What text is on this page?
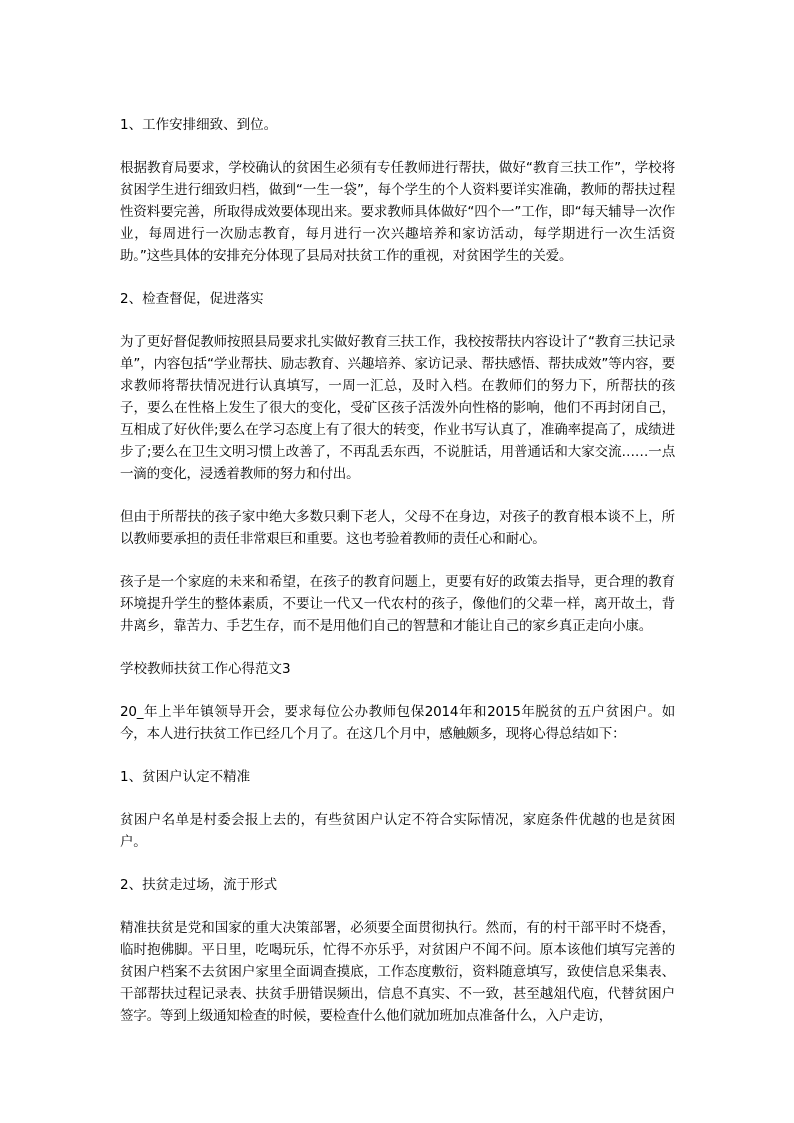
1、工作安排细致、到位。
根据教育局要求，学校确认的贫困生必须有专任教师进行帮扶，做好“教育三扶工作”，学校将贫困学生进行细致归档，做到“一生一袋”，每个学生的个人资料要详实准确，教师的帮扶过程性资料要完善，所取得成效要体现出来。要求教师具体做好“四个一”工作，即“每天辅导一次作业，每周进行一次励志教育，每月进行一次兴趣培养和家访活动，每学期进行一次生活资助。”这些具体的安排充分体现了县局对扶贫工作的重视，对贫困学生的关爱。
2、检查督促，促进落实
为了更好督促教师按照县局要求扎实做好教育三扶工作，我校按帮扶内容设计了“教育三扶记录单”，内容包括“学业帮扶、励志教育、兴趣培养、家访记录、帮扶感悟、帮扶成效”等内容，要求教师将帮扶情况进行认真填写，一周一汇总，及时入档。在教师们的努力下，所帮扶的孩子，要么在性格上发生了很大的变化，受矿区孩子活泼外向性格的影响，他们不再封闭自己，互相成了好伙伴;要么在学习态度上有了很大的转变，作业书写认真了，准确率提高了，成绩进步了;要么在卫生文明习惯上改善了，不再乱丢东西，不说脏话，用普通话和大家交流……一点一滴的变化，浸透着教师的努力和付出。
但由于所帮扶的孩子家中绝大多数只剩下老人，父母不在身边，对孩子的教育根本谈不上，所以教师要承担的责任非常艰巨和重要。这也考验着教师的责任心和耐心。
孩子是一个家庭的未来和希望，在孩子的教育问题上，更要有好的政策去指导，更合理的教育环境提升学生的整体素质，不要让一代又一代农村的孩子，像他们的父辈一样，离开故土，背井离乡，靠苦力、手艺生存，而不是用他们自己的智慧和才能让自己的家乡真正走向小康。
学校教师扶贫工作心得范文3
20_年上半年镇领导开会，要求每位公办教师包保2014年和2015年脱贫的五户贫困户。如今，本人进行扶贫工作已经几个月了。在这几个月中，感触颇多，现将心得总结如下：
1、贫困户认定不精准
贫困户名单是村委会报上去的，有些贫困户认定不符合实际情况，家庭条件优越的也是贫困户。
2、扶贫走过场，流于形式
精准扶贫是党和国家的重大决策部署，必须要全面贯彻执行。然而，有的村干部平时不烧香，临时抱佛脚。平日里，吃喝玩乐，忙得不亦乐乎，对贫困户不闻不问。原本该他们填写完善的贫困户档案不去贫困户家里全面调查摸底，工作态度敷衍，资料随意填写，致使信息采集表、干部帮扶过程记录表、扶贫手册错误频出，信息不真实、不一致，甚至越俎代庖，代替贫困户签字。等到上级通知检查的时候，要检查什么他们就加班加点准备什么，入户走访，
